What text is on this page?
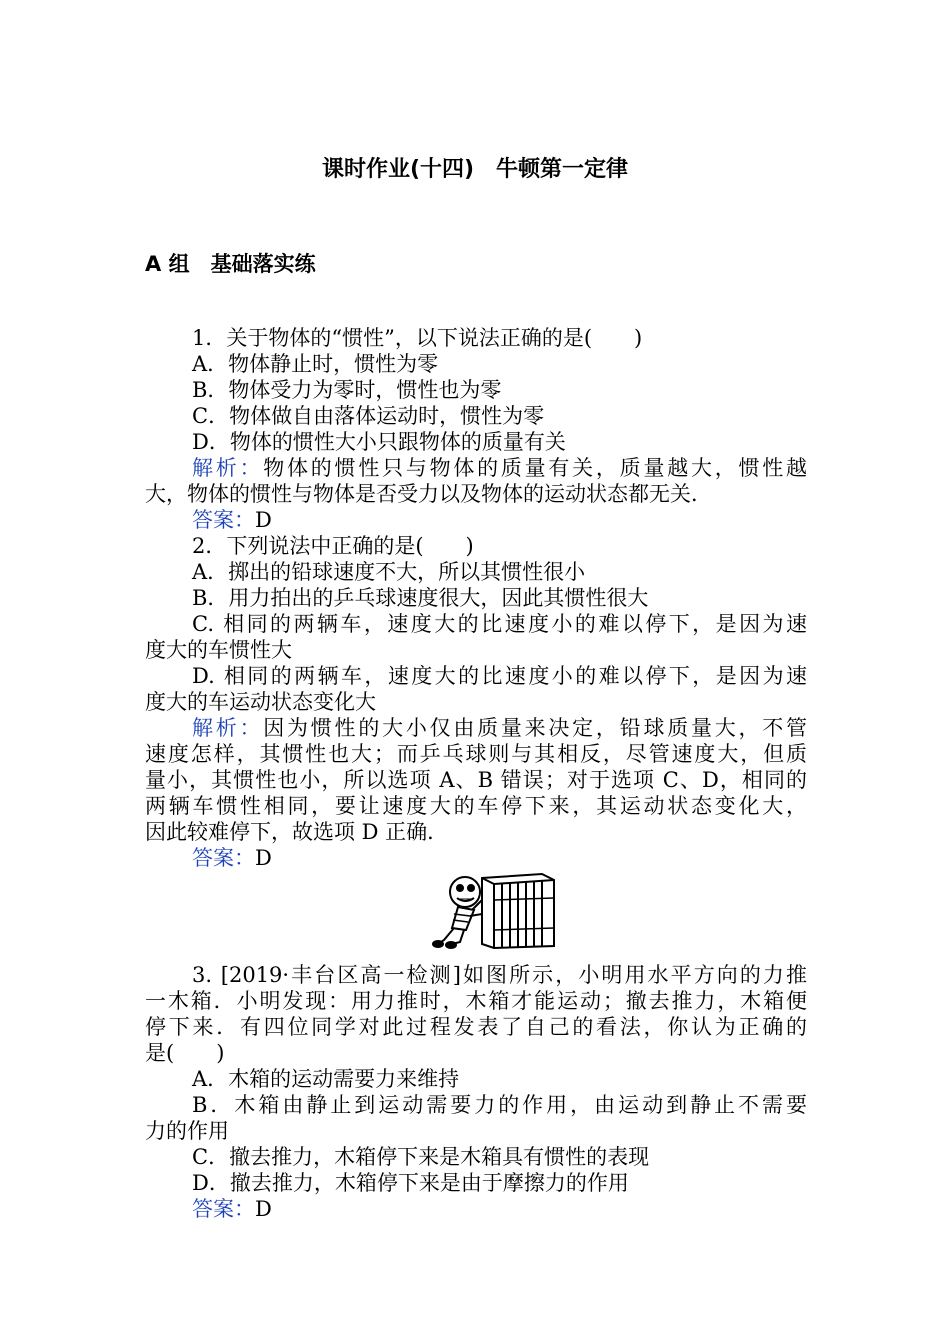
课时作业(十四)　牛顿第一定律
A 组　基础落实练
1．关于物体的“惯性”，以下说法正确的是(　　)
A．物体静止时，惯性为零
B．物体受力为零时，惯性也为零
C．物体做自由落体运动时，惯性为零
D．物体的惯性大小只跟物体的质量有关
解析：物体的惯性只与物体的质量有关，质量越大，惯性越
大，物体的惯性与物体是否受力以及物体的运动状态都无关．
答案：D
2．下列说法中正确的是(　　)
A．掷出的铅球速度不大，所以其惯性很小
B．用力拍出的乒乓球速度很大，因此其惯性很大
C. 相同的两辆车，速度大的比速度小的难以停下，是因为速
度大的车惯性大
D. 相同的两辆车，速度大的比速度小的难以停下，是因为速
度大的车运动状态变化大
解析：因为惯性的大小仅由质量来决定，铅球质量大，不管
速度怎样，其惯性也大；而乒乓球则与其相反，尽管速度大，但质
量小，其惯性也小，所以选项 A、B 错误；对于选项 C、D，相同的
两辆车惯性相同，要让速度大的车停下来，其运动状态变化大，
因此较难停下，故选项 D 正确．
答案：D
3. [2019·丰台区高一检测]如图所示，小明用水平方向的力推
一木箱．小明发现：用力推时，木箱才能运动；撤去推力，木箱便
停下来．有四位同学对此过程发表了自己的看法，你认为正确的
是(　　)
A．木箱的运动需要力来维持
B．木箱由静止到运动需要力的作用，由运动到静止不需要
力的作用
C．撤去推力，木箱停下来是木箱具有惯性的表现
D．撤去推力，木箱停下来是由于摩擦力的作用
答案：D
